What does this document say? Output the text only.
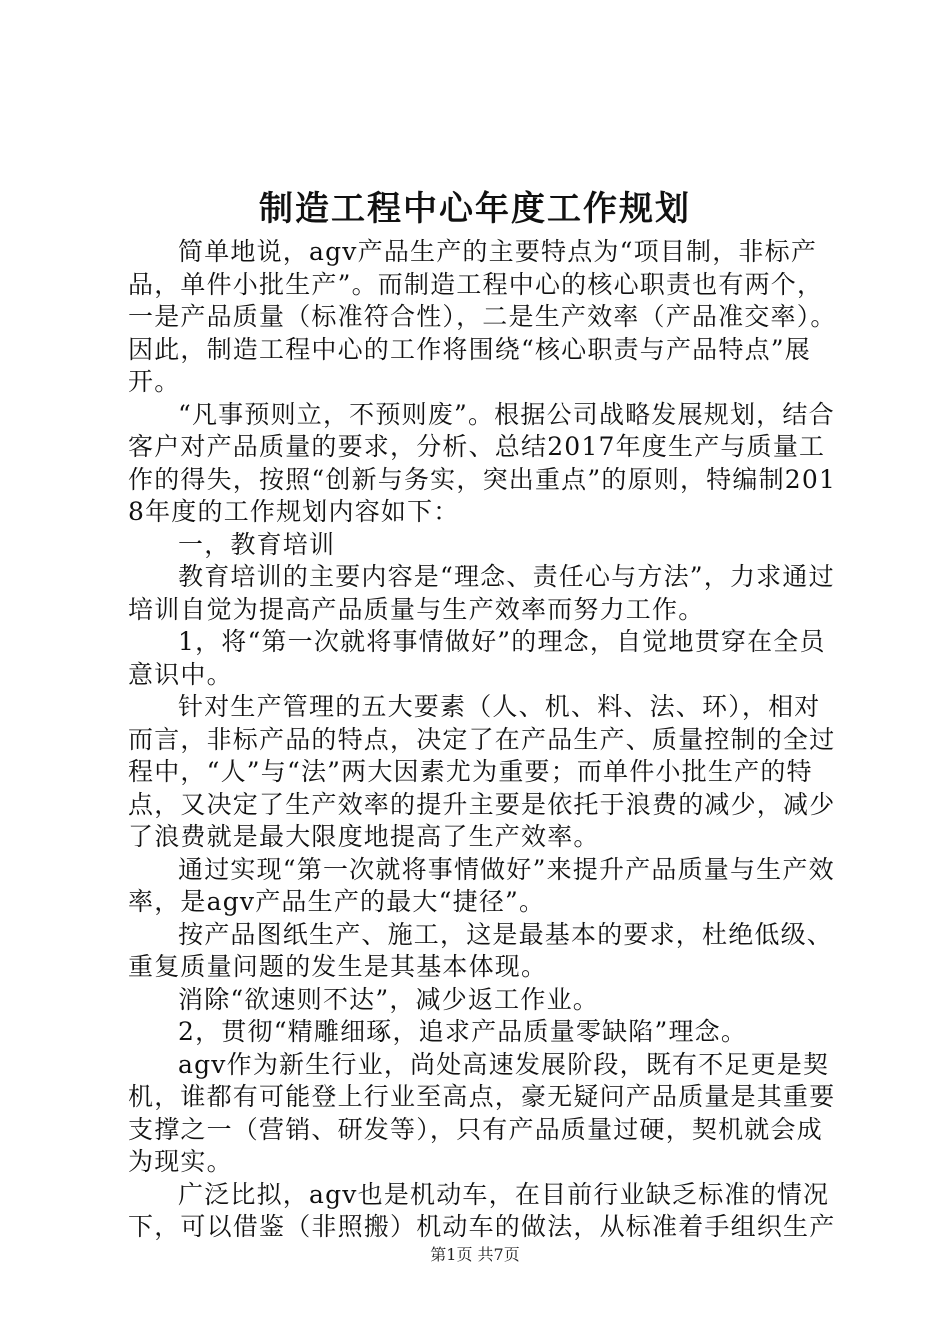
制造工程中心年度工作规划

简单地说，agv产品生产的主要特点为“项目制，非标产品，单件小批生产”。而制造工程中心的核心职责也有两个，一是产品质量（标准符合性），二是生产效率（产品准交率）。因此，制造工程中心的工作将围绕“核心职责与产品特点”展开。

“凡事预则立，不预则废”。根据公司战略发展规划，结合客户对产品质量的要求，分析、总结2017年度生产与质量工作的得失，按照“创新与务实，突出重点”的原则，特编制2018年度的工作规划内容如下：

一，教育培训

教育培训的主要内容是“理念、责任心与方法”，力求通过培训自觉为提高产品质量与生产效率而努力工作。

1，将“第一次就将事情做好”的理念，自觉地贯穿在全员意识中。

针对生产管理的五大要素（人、机、料、法、环），相对而言，非标产品的特点，决定了在产品生产、质量控制的全过程中，“人”与“法”两大因素尤为重要；而单件小批生产的特点，又决定了生产效率的提升主要是依托于浪费的减少，减少了浪费就是最大限度地提高了生产效率。

通过实现“第一次就将事情做好”来提升产品质量与生产效率，是agv产品生产的最大“捷径”。

按产品图纸生产、施工，这是最基本的要求，杜绝低级、重复质量问题的发生是其基本体现。

消除“欲速则不达”，减少返工作业。

2，贯彻“精雕细琢，追求产品质量零缺陷”理念。

agv作为新生行业，尚处高速发展阶段，既有不足更是契机，谁都有可能登上行业至高点，豪无疑问产品质量是其重要支撑之一（营销、研发等），只有产品质量过硬，契机就会成为现实。

广泛比拟，agv也是机动车，在目前行业缺乏标准的情况下，可以借鉴（非照搬）机动车的做法，从标准着手组织生产

第1页 共7页
